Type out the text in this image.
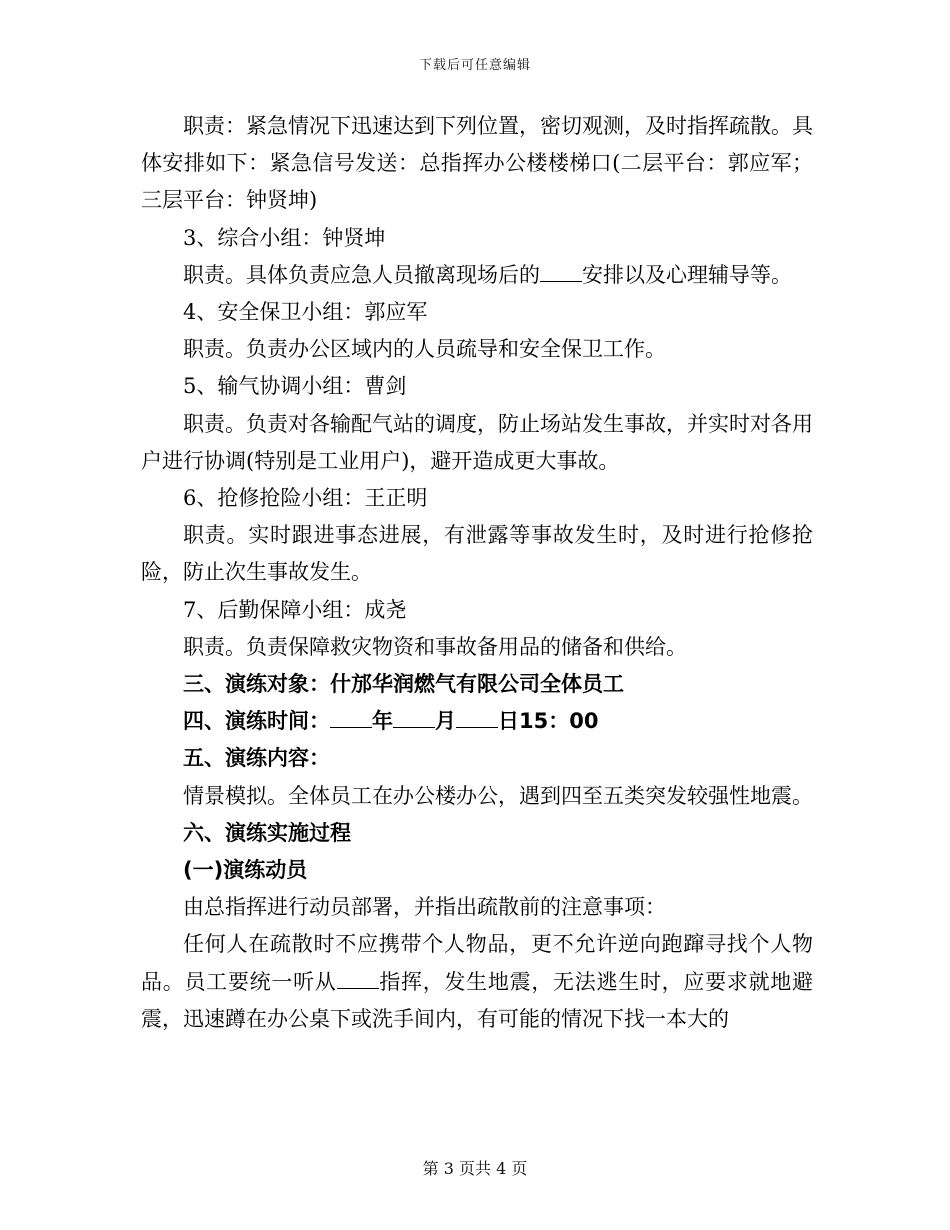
下载后可任意编辑

职责：紧急情况下迅速达到下列位置，密切观测，及时指挥疏散。具体安排如下：紧急信号发送：总指挥办公楼楼梯口(二层平台：郭应军；三层平台：钟贤坤)

3、综合小组：钟贤坤

职责。具体负责应急人员撤离现场后的 安排以及心理辅导等。

4、安全保卫小组：郭应军

职责。负责办公区域内的人员疏导和安全保卫工作。

5、输气协调小组：曹剑

职责。负责对各输配气站的调度，防止场站发生事故，并实时对各用户进行协调(特别是工业用户)，避开造成更大事故。

6、抢修抢险小组：王正明

职责。实时跟进事态进展，有泄露等事故发生时，及时进行抢修抢险，防止次生事故发生。

7、后勤保障小组：成尧

职责。负责保障救灾物资和事故备用品的储备和供给。

三、演练对象：什邡华润燃气有限公司全体员工

四、演练时间： 年 月 日15：00

五、演练内容：

情景模拟。全体员工在办公楼办公，遇到四至五类突发较强性地震。

六、演练实施过程

(一)演练动员

由总指挥进行动员部署，并指出疏散前的注意事项：

任何人在疏散时不应携带个人物品，更不允许逆向跑蹿寻找个人物品。员工要统一听从 指挥，发生地震，无法逃生时，应要求就地避震，迅速蹲在办公桌下或洗手间内，有可能的情况下找一本大的

第 3 页共 4 页
